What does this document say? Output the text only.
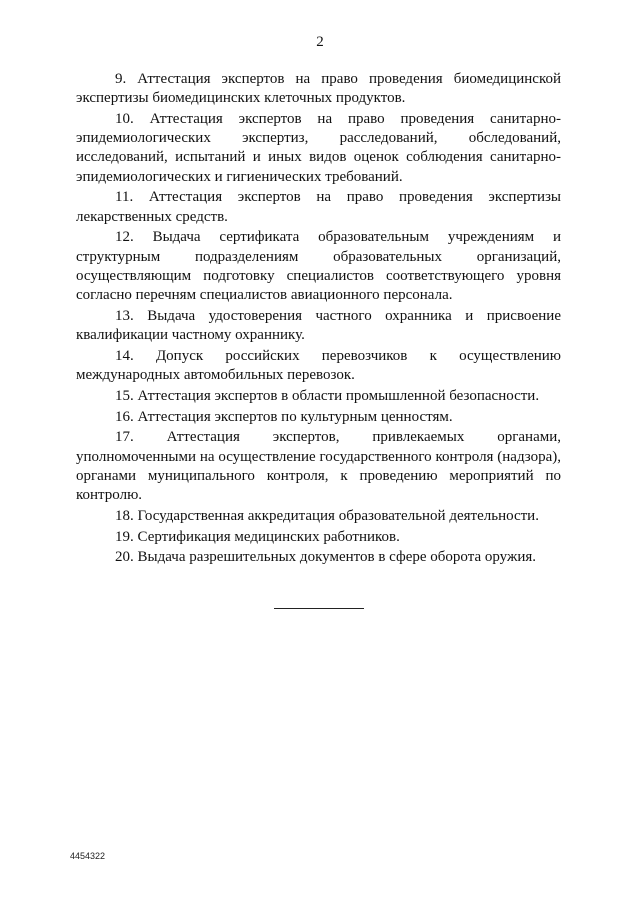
2

9. Аттестация экспертов на право проведения биомедицинской экспертизы биомедицинских клеточных продуктов.

10. Аттестация экспертов на право проведения санитарно-эпидемиологических экспертиз, расследований, обследований, исследований, испытаний и иных видов оценок соблюдения санитарно-эпидемиологических и гигиенических требований.

11. Аттестация экспертов на право проведения экспертизы лекарственных средств.

12. Выдача сертификата образовательным учреждениям и структурным подразделениям образовательных организаций, осуществляющим подготовку специалистов соответствующего уровня согласно перечням специалистов авиационного персонала.

13. Выдача удостоверения частного охранника и присвоение квалификации частному охраннику.

14. Допуск российских перевозчиков к осуществлению международных автомобильных перевозок.

15. Аттестация экспертов в области промышленной безопасности.

16. Аттестация экспертов по культурным ценностям.

17. Аттестация экспертов, привлекаемых органами, уполномоченными на осуществление государственного контроля (надзора), органами муниципального контроля, к проведению мероприятий по контролю.

18. Государственная аккредитация образовательной деятельности.

19. Сертификация медицинских работников.

20. Выдача разрешительных документов в сфере оборота оружия.

4454322
